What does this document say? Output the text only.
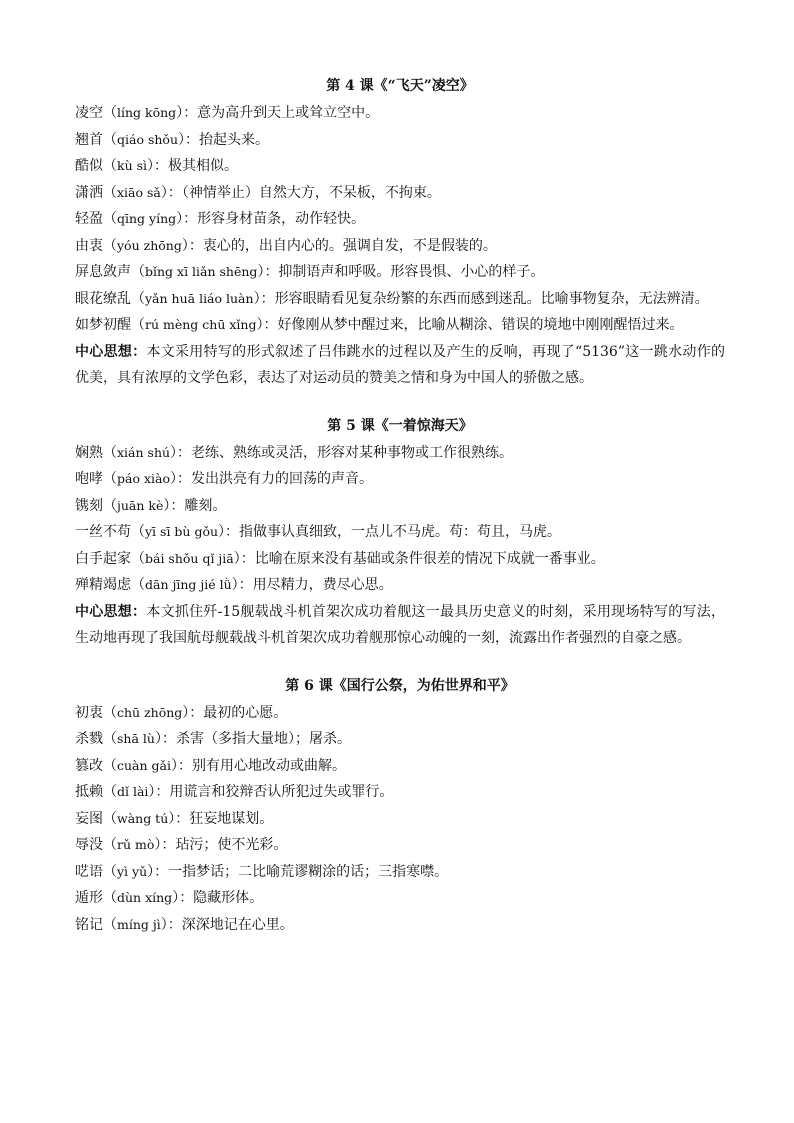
第 4 课《“飞天”凌空》

凌空（líng kōng）：意为高升到天上或耸立空中。

翘首（qiáo shǒu）：抬起头来。

酷似（kù sì）：极其相似。

潇洒（xiāo sǎ）：（神情举止）自然大方，不呆板，不拘束。

轻盈（qīng yíng）：形容身材苗条，动作轻快。

由衷（yóu zhōng）：衷心的，出自内心的。强调自发，不是假装的。

屏息敛声（bǐng xī liǎn shēng）：抑制语声和呼吸。形容畏惧、小心的样子。

眼花缭乱（yǎn huā liáo luàn）：形容眼睛看见复杂纷繁的东西而感到迷乱。比喻事物复杂，无法辨清。

如梦初醒（rú mèng chū xǐng）：好像刚从梦中醒过来，比喻从糊涂、错误的境地中刚刚醒悟过来。

中心思想：本文采用特写的形式叙述了吕伟跳水的过程以及产生的反响，再现了“5136”这一跳水动作的优美，具有浓厚的文学色彩，表达了对运动员的赞美之情和身为中国人的骄傲之感。

第 5 课《一着惊海天》

娴熟（xián shú）：老练、熟练或灵活，形容对某种事物或工作很熟练。

咆哮（páo xiào）：发出洪亮有力的回荡的声音。

镌刻（juān kè）：雕刻。

一丝不苟（yī sī bù gǒu）：指做事认真细致，一点儿不马虎。苟：苟且，马虎。

白手起家（bái shǒu qǐ jiā）：比喻在原来没有基础或条件很差的情况下成就一番事业。

殚精竭虑（dān jīng jié lǜ）：用尽精力，费尽心思。

中心思想：本文抓住歼-15舰载战斗机首架次成功着舰这一最具历史意义的时刻，采用现场特写的写法，生动地再现了我国航母舰载战斗机首架次成功着舰那惊心动魄的一刻，流露出作者强烈的自豪之感。

第 6 课《国行公祭，为佑世界和平》

初衷（chū zhōng）：最初的心愿。

杀戮（shā lù）：杀害（多指大量地）；屠杀。

篡改（cuàn gǎi）：别有用心地改动或曲解。

抵赖（dǐ lài）：用谎言和狡辩否认所犯过失或罪行。

妄图（wàng tú）：狂妄地谋划。

辱没（rǔ mò）：玷污；使不光彩。

呓语（yì yǔ）：一指梦话；二比喻荒谬糊涂的话；三指寒噤。

遁形（dùn xíng）：隐藏形体。

铭记（míng jì）：深深地记在心里。
